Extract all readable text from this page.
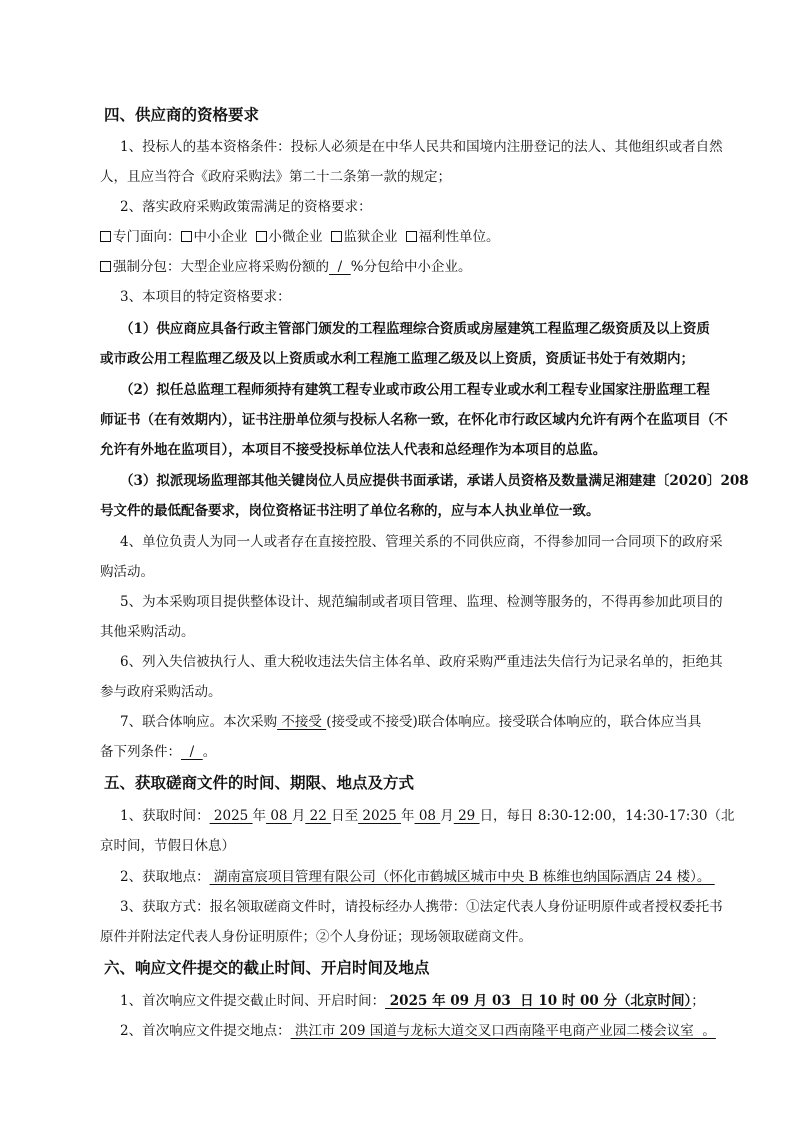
四、供应商的资格要求
1、投标人的基本资格条件：投标人必须是在中华人民共和国境内注册登记的法人、其他组织或者自然
人，且应当符合《政府采购法》第二十二条第一款的规定；
2、落实政府采购政策需满足的资格要求：
专门面向： 中小企业 小微企业 监狱企业 福利性单位。
强制分包：大型企业应将采购份额的  /  %分包给中小企业。
3、本项目的特定资格要求：
（1）供应商应具备行政主管部门颁发的工程监理综合资质或房屋建筑工程监理乙级资质及以上资质
或市政公用工程监理乙级及以上资质或水利工程施工监理乙级及以上资质，资质证书处于有效期内；
（2）拟任总监理工程师须持有建筑工程专业或市政公用工程专业或水利工程专业国家注册监理工程
师证书（在有效期内），证书注册单位须与投标人名称一致，在怀化市行政区域内允许有两个在监项目（不
允许有外地在监项目），本项目不接受投标单位法人代表和总经理作为本项目的总监。
（3）拟派现场监理部其他关键岗位人员应提供书面承诺，承诺人员资格及数量满足湘建建〔2020〕208
号文件的最低配备要求，岗位资格证书注明了单位名称的，应与本人执业单位一致。
4、单位负责人为同一人或者存在直接控股、管理关系的不同供应商，不得参加同一合同项下的政府采
购活动。
5、为本采购项目提供整体设计、规范编制或者项目管理、监理、检测等服务的，不得再参加此项目的
其他采购活动。
6、列入失信被执行人、重大税收违法失信主体名单、政府采购严重违法失信行为记录名单的，拒绝其
参与政府采购活动。
7、联合体响应。本次采购 不接受 (接受或不接受)联合体响应。接受联合体响应的，联合体应当具
备下列条件：  /  。
五、获取磋商文件的时间、期限、地点及方式
1、获取时间： 2025 年 08 月 22 日至 2025 年 08 月 29 日，每日 8:30-12:00，14:30-17:30（北
京时间，节假日休息）
2、获取地点： 湖南富宸项目管理有限公司（怀化市鹤城区城市中央 B 栋维也纳国际酒店 24 楼）。
3、获取方式：报名领取磋商文件时，请投标经办人携带：①法定代表人身份证明原件或者授权委托书
原件并附法定代表人身份证明原件；②个人身份证；现场领取磋商文件。
六、响应文件提交的截止时间、开启时间及地点
1、首次响应文件提交截止时间、开启时间： 2025 年 09 月 03  日 10 时 00 分（北京时间）；
2、首次响应文件提交地点： 洪江市 209 国道与龙标大道交叉口西南隆平电商产业园二楼会议室  。
